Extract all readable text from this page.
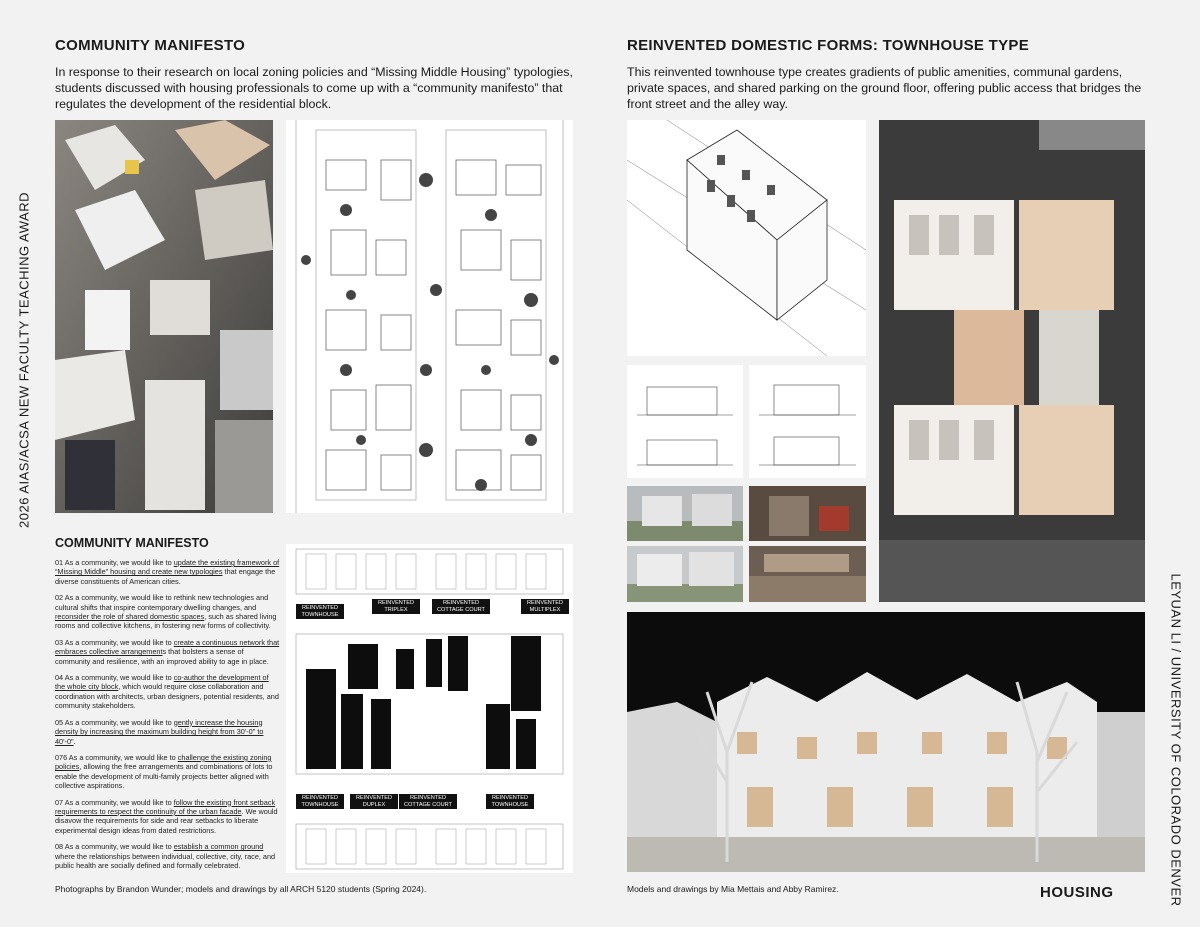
2026 AIAS/ACSA NEW FACULTY TEACHING AWARD
LEYUAN LI / UNIVERSITY OF COLORADO DENVER
COMMUNITY MANIFESTO

In response to their research on local zoning policies and “Missing Middle Housing” typologies, students discussed with housing professionals to come up with a “community manifesto” that regulates the development of the residential block.

REINVENTED DOMESTIC FORMS: TOWNHOUSE TYPE

This reinvented townhouse type creates gradients of public amenities, communal gardens, private spaces, and shared parking on the ground floor, offering public access that bridges the front street and the alley way.

COMMUNITY MANIFESTO

01 As a community, we would like to update the existing framework of “Missing Middle” housing and create new typologies that engage the diverse constituents of American cities.

02 As a community, we would like to rethink new technologies and cultural shifts that inspire contemporary dwelling changes, and reconsider the role of shared domestic spaces, such as shared living rooms and collective kitchens, in fostering new forms of collectivity.

03 As a community, we would like to create a continuous network that embraces collective arrangements that bolsters a sense of community and resilience, with an improved ability to age in place.

04 As a community, we would like to co-author the development of the whole city block, which would require close collaboration and coordination with architects, urban designers, potential residents, and community stakeholders.

05 As a community, we would like to gently increase the housing density by increasing the maximum building height from 30'-0" to 40'-0".

076 As a community, we would like to challenge the existing zoning policies, allowing the free arrangements and combinations of lots to enable the development of multi-family projects better aligned with collective aspirations.

07 As a community, we would like to follow the existing front setback requirements to respect the continuity of the urban facade. We would disavow the requirements for side and rear setbacks to liberate experimental design ideas from dated restrictions.

08 As a community, we would like to establish a common ground where the relationships between individual, collective, city, race, and public health are socially defined and formally celebrated.

REINVENTED TOWNHOUSE
REINVENTED TRIPLEX
REINVENTED COTTAGE COURT
REINVENTED MULTIPLEX
REINVENTED TOWNHOUSE
REINVENTED DUPLEX
REINVENTED COTTAGE COURT
REINVENTED TOWNHOUSE
Photographs by Brandon Wunder; models and drawings by all ARCH 5120 students (Spring 2024).	Models and drawings by Mia Mettais and Abby Ramirez.	HOUSING
